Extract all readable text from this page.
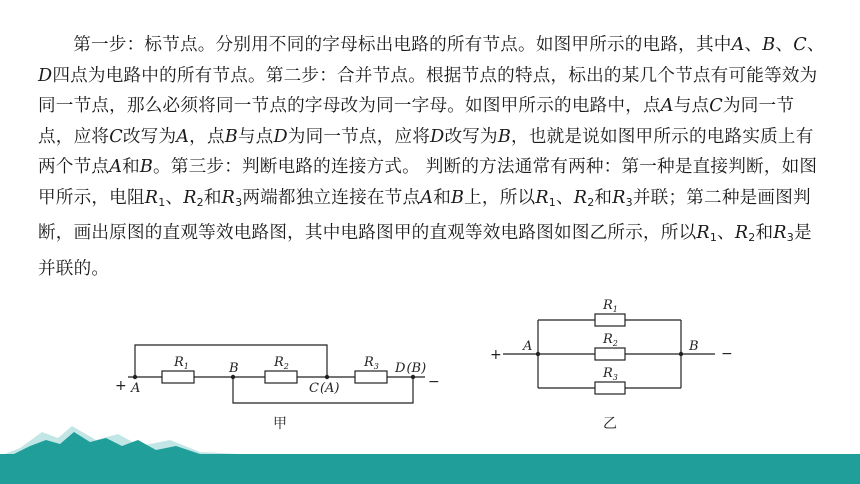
第一步：标节点。分别用不同的字母标出电路的所有节点。如图甲所示的电路，其中A、B、C、D四点为电路中的所有节点。第二步：合并节点。根据节点的特点，标出的某几个节点有可能等效为同一节点，那么必须将同一节点的字母改为同一字母。如图甲所示的电路中，点A与点C为同一节点，应将C改写为A，点B与点D为同一节点，应将D改写为B，也就是说如图甲所示的电路实质上有两个节点A和B。第三步：判断电路的连接方式。 判断的方法通常有两种：第一种是直接判断，如图甲所示，电阻$R_1$、$R_2$和$R_3$两端都独立连接在节点A和B上，所以$R_1$、$R_2$和$R_3$并联；第二种是画图判断，画出原图的直观等效电路图，其中电路图甲的直观等效电路图如图乙所示，所以$R_1$、$R_2$和$R_3$是并联的。

$R_1$	$R_2$	$R_3$
+ A
B
C(A)
D(B)
−
甲
$R_1$
$R_2$
$R_3$
+
A	B −
乙
